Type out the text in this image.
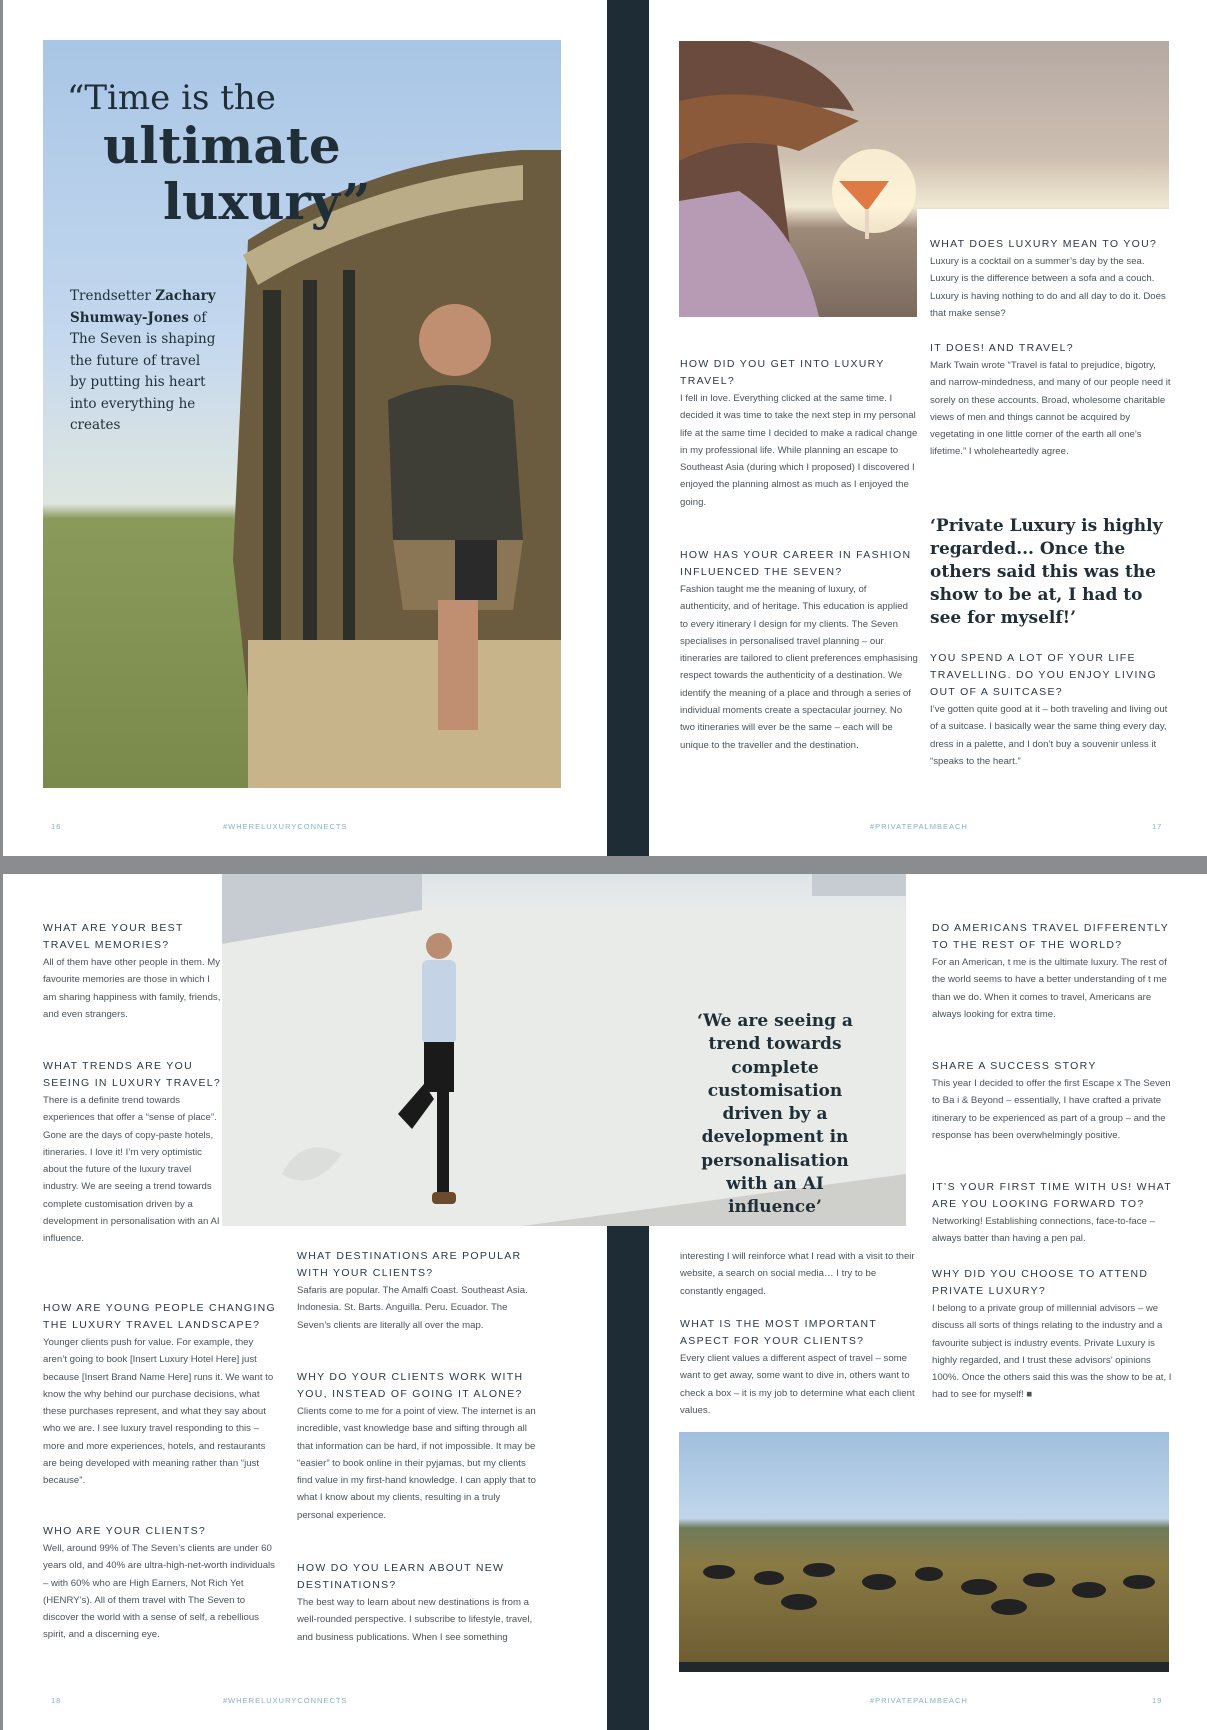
“Time is the
ultimate
luxury”
Trendsetter Zachary Shumway-Jones of The Seven is shaping the future of travel by putting his heart into everything he creates
16	#WHERELUXURYCONNECTS
WHAT DOES LUXURY MEAN TO YOU?
Luxury is a cocktail on a summer’s day by the sea. Luxury is the difference between a sofa and a couch. Luxury is having nothing to do and all day to do it. Does that make sense?
IT DOES! AND TRAVEL?
Mark Twain wrote “Travel is fatal to prejudice, bigotry, and narrow-mindedness, and many of our people need it sorely on these accounts. Broad, wholesome charitable views of men and things cannot be acquired by vegetating in one little corner of the earth all one’s lifetime.” I wholeheartedly agree.
‘Private Luxury is highly regarded... Once the others said this was the show to be at, I had to see for myself!’
YOU SPEND A LOT OF YOUR LIFE TRAVELLING. DO YOU ENJOY LIVING OUT OF A SUITCASE?
I’ve gotten quite good at it – both traveling and living out of a suitcase. I basically wear the same thing every day, dress in a palette, and I don’t buy a souvenir unless it “speaks to the heart.”
HOW DID YOU GET INTO LUXURY TRAVEL?
I fell in love. Everything clicked at the same time. I decided it was time to take the next step in my personal life at the same time I decided to make a radical change in my professional life. While planning an escape to Southeast Asia (during which I proposed) I discovered I enjoyed the planning almost as much as I enjoyed the going.
HOW HAS YOUR CAREER IN FASHION INFLUENCED THE SEVEN?
Fashion taught me the meaning of luxury, of authenticity, and of heritage. This education is applied to every itinerary I design for my clients. The Seven specialises in personalised travel planning – our itineraries are tailored to client preferences emphasising respect towards the authenticity of a destination. We identify the meaning of a place and through a series of individual moments create a spectacular journey. No two itineraries will ever be the same – each will be unique to the traveller and the destination.
#PRIVATEPALMBEACH	17
WHAT ARE YOUR BEST TRAVEL MEMORIES?
All of them have other people in them. My favourite memories are those in which I am sharing happiness with family, friends, and even strangers.
WHAT TRENDS ARE YOU SEEING IN LUXURY TRAVEL?
There is a definite trend towards experiences that offer a “sense of place”. Gone are the days of copy-paste hotels, itineraries. I love it! I’m very optimistic about the future of the luxury travel industry. We are seeing a trend towards complete customisation driven by a development in personalisation with an AI influence.
HOW ARE YOUNG PEOPLE CHANGING THE LUXURY TRAVEL LANDSCAPE?
Younger clients push for value. For example, they aren’t going to book [Insert Luxury Hotel Here] just because [Insert Brand Name Here] runs it. We want to know the why behind our purchase decisions, what these purchases represent, and what they say about who we are. I see luxury travel responding to this – more and more experiences, hotels, and restaurants are being developed with meaning rather than “just because”.
WHO ARE YOUR CLIENTS?
Well, around 99% of The Seven’s clients are under 60 years old, and 40% are ultra-high-net-worth individuals – with 60% who are High Earners, Not Rich Yet (HENRY’s). All of them travel with The Seven to discover the world with a sense of self, a rebellious spirit, and a discerning eye.
WHAT DESTINATIONS ARE POPULAR WITH YOUR CLIENTS?
Safaris are popular. The Amalfi Coast. Southeast Asia. Indonesia. St. Barts. Anguilla. Peru. Ecuador. The Seven’s clients are literally all over the map.
WHY DO YOUR CLIENTS WORK WITH YOU, INSTEAD OF GOING IT ALONE?
Clients come to me for a point of view. The internet is an incredible, vast knowledge base and sifting through all that information can be hard, if not impossible. It may be “easier” to book online in their pyjamas, but my clients find value in my first-hand knowledge. I can apply that to what I know about my clients, resulting in a truly personal experience.
HOW DO YOU LEARN ABOUT NEW DESTINATIONS?
The best way to learn about new destinations is from a well-rounded perspective. I subscribe to lifestyle, travel, and business publications. When I see something
18	#WHERELUXURYCONNECTS
interesting I will reinforce what I read with a visit to their website, a search on social media… I try to be constantly engaged.
WHAT IS THE MOST IMPORTANT ASPECT FOR YOUR CLIENTS?
Every client values a different aspect of travel – some want to get away, some want to dive in, others want to check a box – it is my job to determine what each client values.
DO AMERICANS TRAVEL DIFFERENTLY TO THE REST OF THE WORLD?
For an American, t me is the ultimate luxury. The rest of the world seems to have a better understanding of t me than we do. When it comes to travel, Americans are always looking for extra time.
SHARE A SUCCESS STORY
This year I decided to offer the first Escape x The Seven to Ba i & Beyond – essentially, I have crafted a private itinerary to be experienced as part of a group – and the response has been overwhelmingly positive.
IT’S YOUR FIRST TIME WITH US! WHAT ARE YOU LOOKING FORWARD TO?
Networking! Establishing connections, face-to-face – always batter than having a pen pal.
WHY DID YOU CHOOSE TO ATTEND PRIVATE LUXURY?
I belong to a private group of millennial advisors – we discuss all sorts of things relating to the industry and a favourite subject is industry events. Private Luxury is highly regarded, and I trust these advisors’ opinions 100%. Once the others said this was the show to be at, I had to see for myself! ■
#PRIVATEPALMBEACH	19
‘We are seeing a trend towards complete customisation driven by a development in personalisation with an AI influence’
